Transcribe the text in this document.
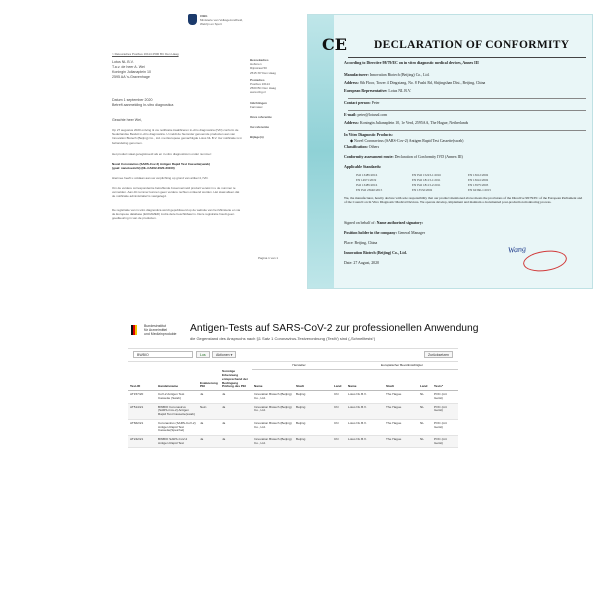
CIBG
Ministerie van Volksgezondheid,
Welzijn en Sport
> Retouradres Postbus 16114 2500 BC Den Haag
Lotus NL B.V.
T.a.v. de heer A. Wei
Koningin Julianaplein 10
2595 AA 's-Gravenhage
Datum 1 september 2020
Betreft aanmelding In-vitro diagnostica
Geachte heer Wei,
Op 27 augustus 2020 ontving ik uw notificatie kwalificeren in-vitro diagnostica (IVD) conform de Nederlandse Besluit in-vitro diagnostica. U meldt de hieronder genoemde producten aan van Innovation Biotech (Beijing) Co., Ltd. met Europese gemachtigde Lotus NL B.V. Uw notificatie is in behandeling genomen.
Het product staat geregistreerd als en in-vitro diagnosticum onder nummer:
Novel Coronavirus (SARS-Cov-2) Antigen Rapid Test Cassette(swab)
(goal: nanotoezicht) (NL-CA002-2020-33100)
Hiermee heeft u voldaan aan uw verplichting op grond van artikel 4, IVD.
Om de verdere correspondentie betreffende bovenvermeld product vereist in u de nummer te vermelden. Aan dit nummer kunnen geen verdere rechten ontleend worden. Het staat alleen dat de notificatie administratief is vastgelegd.
De registratie van in-vitro diagnostica wordt gepubliceerd op de website van het Ministerie en via de Europese database (EUDAMED) zodra deze beschikbaar is. Deze registratie houdt geen goedkeuring in van de producten.
Bezoekadres
Hoftoren
Rijnstraat 50
2515 XP Den Haag
Postadres
Postbus 16114
2500 BC Den Haag
www.cibg.nl
Inlichtingen
Farmatec
Onze referentie
Uw referentie
Bijlage(n)
Pagina 1 van 1
CE DECLARATION OF CONFORMITY
According to Directive 98/79/EC on in vitro diagnostic medical devices, Annex III
Manufacturer: Innovation Biotech (Beijing) Co., Ltd.
Address: 8th Floor, Tower 4 Dingxiang, No. 8 Fushi Rd, Shijingshan Dist., Beijing, China
European Representative: Lotus NL B.V.
Contact person: Peter
E-mail: peter@lotusnl.com
Address: Koningin Julianaplein 10, 1e Verd, 2595AA, The Hague, Netherlands
In Vitro Diagnostic Products:
◆ Novel Coronavirus (SARS-Cov-2) Antigen Rapid Test Cassette(swab)
Classification: Others
Conformity assessment route: Declaration of Conformity IVD (Annex III)
Applicable Standards:
ISO 13485:2016	EN ISO 15223-1:2016	EN 13612:2002
EN 14971:2019	EN ISO 18113-1:2011	EN 13641:2002
ISO 13485:2016	EN ISO 18113-2:2011	EN 13975:2003
EN ISO 23640:2015	EN 13532:2002	EN 62366-1:2015
We, the manufacturer, hereby declare with sole responsibility that our product mentioned above meets the provisions of the Directive 98/79/EC of the European Parliament and of the Council on In Vitro Diagnostic Medical Devices. We operate develop, implement and maintain a documented post-production monitoring process.
Signed on behalf of: Name authorized signatory:
Position holder in the company: General Manager
Place: Beijing, China
Innovation Biotech (Beijing) Co., Ltd.
Date: 27 August, 2020
Wang
Bundesinstitut
für Arzneimittel
und Medizinprodukte	Antigen-Tests auf SARS-CoV-2 zur professionellen Anwendung
die Gegenstand des Anspruchs nach §1 Satz 1 Coronavirus-Testverordnung (TestV) sind („Schnelltests“)
BWBIO	Los	Aktionen ▾	Zurücksetzen
				Hersteller			Europäischer Bevollmächtigter			
Test-ID	Handelsname	Evaluierung PEI	Sonstige Erkennung entsprechend der Bedingung Prüfung des PEI	Name	Stadt	Land	Name	Stadt	Land	Tests*
AT157/20	CoV-2 Antigen Test Cassette (Swab)	Ja	Ja	Innovation Biotech (Beijing) Co., Ltd.	Beijing	CN	Lotus NL B.V.	The Hague	NL	POC (mit Gerät)
AT514/21	BWBIO Coronavirus (SARS-Cov-2) Antigen Rapid Test Cassette(swab)	Nein	Ja	Innovation Biotech (Beijing) Co., Ltd.	Beijing	CN	Lotus NL B.V.	The Hague	NL	POC (mit Gerät)
AT662/21	Coronavirus (SARS-CoV-2) Antigen Rapid Test Cassette(Speichel)	Ja	Ja	Innovation Biotech (Beijing) Co., Ltd.	Beijing	CN	Lotus NL B.V.	The Hague	NL	POC (mit Gerät)
AT242/21	BWBIO SARS-CoV-2 Antigen Rapid Test	Ja	Ja	Innovation Biotech (Beijing) Co., Ltd.	Beijing	CN	Lotus NL B.V.	The Hague	NL	POC (mit Gerät)
